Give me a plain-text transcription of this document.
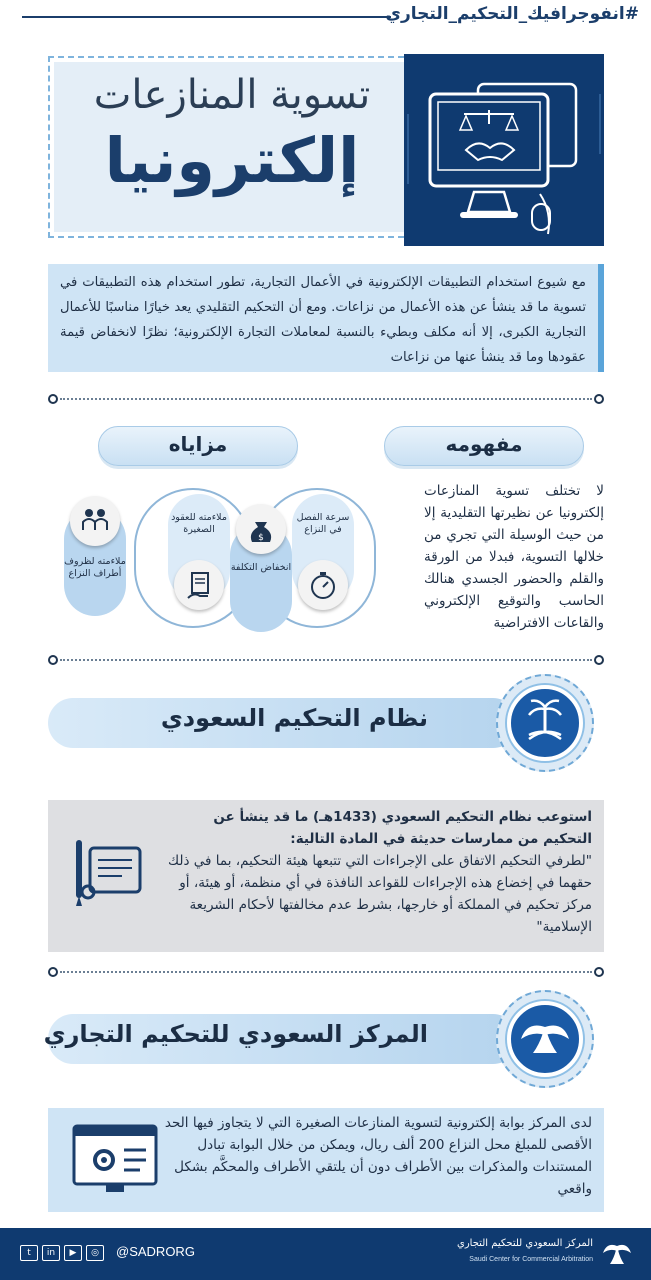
#انفوجرافيك_التحكيم_التجاري
تسوية المنازعات
إلكترونيا
مع شيوع استخدام التطبيقات الإلكترونية في الأعمال التجارية، تطور استخدام هذه التطبيقات في تسوية ما قد ينشأ عن هذه الأعمال من نزاعات. ومع أن التحكيم التقليدي يعد خيارًا مناسبًا للأعمال التجارية الكبرى، إلا أنه مكلف وبطيء بالنسبة لمعاملات التجارة الإلكترونية؛ نظرًا لانخفاض قيمة عقودها وما قد ينشأ عنها من نزاعات
مفهومه
مزاياه
لا تختلف تسوية المنازعات إلكترونيا عن نظيرتها التقليدية إلا من حيث الوسيلة التي تجري من خلالها التسوية، فبدلا من الورقة والقلم والحضور الجسدي هنالك الحاسب والتوقيع الإلكتروني والقاعات الافتراضية
سرعة الفصل في النزاع
$
انخفاض التكلفة
ملاءمته للعقود الصغيرة
ملاءمته لظروف أطراف النزاع
نظام التحكيم السعودي
استوعب نظام التحكيم السعودي (1433هـ) ما قد ينشأ عن التحكيم من ممارسات حديثة في المادة التالية:
"لطرفي التحكيم الاتفاق على الإجراءات التي تتبعها هيئة التحكيم، بما في ذلك حقهما في إخضاع هذه الإجراءات للقواعد النافذة في أي منظمة، أو هيئة، أو مركز تحكيم في المملكة أو خارجها، بشرط عدم مخالفتها لأحكام الشريعة الإسلامية"
المركز السعودي للتحكيم التجاري
لدى المركز بوابة إلكترونية لتسوية المنازعات الصغيرة التي لا يتجاوز فيها الحد الأقصى للمبلغ محل النزاع 200 ألف ريال، ويمكن من خلال البوابة تبادل المستندات والمذكرات بين الأطراف دون أن يلتقي الأطراف والمحكَّم بشكل واقعي
t	in	▶	◎	@SADRORG
المركز السعودي للتحكيم التجاري
Saudi Center for Commercial Arbitration
